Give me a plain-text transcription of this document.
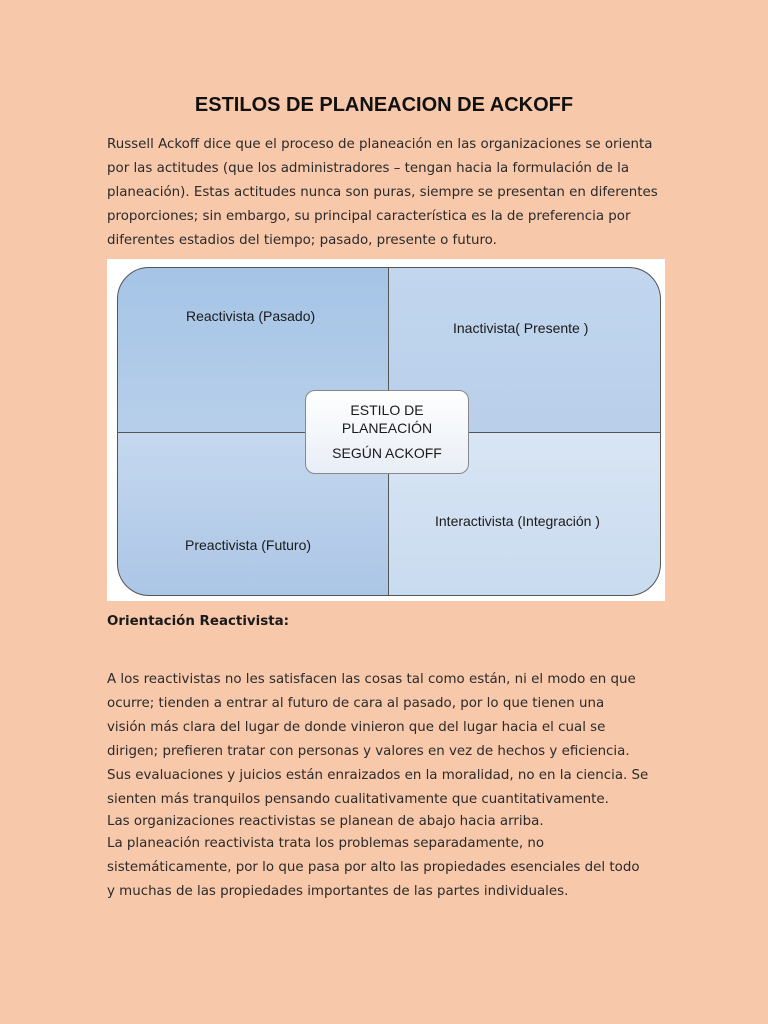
ESTILOS DE PLANEACION DE ACKOFF

Russell Ackoff dice que el proceso de planeación en las organizaciones se orienta por las actitudes (que los administradores – tengan hacia la formulación de la planeación). Estas actitudes nunca son puras, siempre se presentan en diferentes proporciones; sin embargo, su principal característica es la de preferencia por diferentes estadios del tiempo; pasado, presente o futuro.

Reactivista (Pasado)
Inactivista( Presente )
Preactivista (Futuro)
Interactivista (Integración )
ESTILO DE
PLANEACIÓN
SEGÚN ACKOFF

Orientación Reactivista:

A los reactivistas no les satisfacen las cosas tal como están, ni el modo en que
ocurre; tienden a entrar al futuro de cara al pasado, por lo que tienen una
visión más clara del lugar de donde vinieron que del lugar hacia el cual se
dirigen; prefieren tratar con personas y valores en vez de hechos y eficiencia.
Sus evaluaciones y juicios están enraizados en la moralidad, no en la ciencia. Se
sienten más tranquilos pensando cualitativamente que cuantitativamente.
Las organizaciones reactivistas se planean de abajo hacia arriba.
La planeación reactivista trata los problemas separadamente, no
sistemáticamente, por lo que pasa por alto las propiedades esenciales del todo
y muchas de las propiedades importantes de las partes individuales.
